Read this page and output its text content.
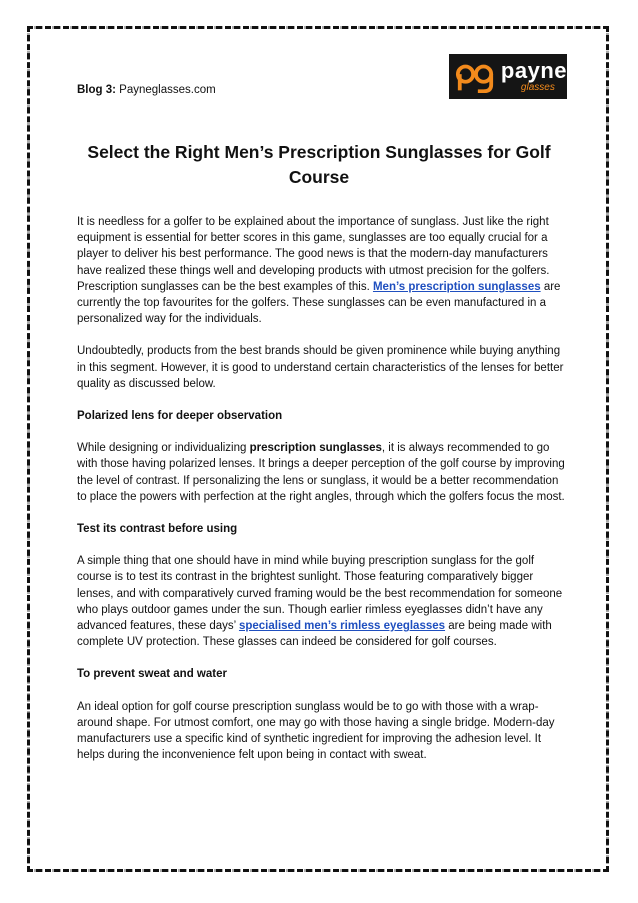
Blog 3: Payneglasses.com
payne
glasses
Select the Right Men’s Prescription Sunglasses for Golf Course

It is needless for a golfer to be explained about the importance of sunglass. Just like the right equipment is essential for better scores in this game, sunglasses are too equally crucial for a player to deliver his best performance. The good news is that the modern-day manufacturers have realized these things well and developing products with utmost precision for the golfers. Prescription sunglasses can be the best examples of this. Men’s prescription sunglasses are currently the top favourites for the golfers. These sunglasses can be even manufactured in a personalized way for the individuals.

Undoubtedly, products from the best brands should be given prominence while buying anything in this segment. However, it is good to understand certain characteristics of the lenses for better quality as discussed below.

Polarized lens for deeper observation

While designing or individualizing prescription sunglasses, it is always recommended to go with those having polarized lenses. It brings a deeper perception of the golf course by improving the level of contrast. If personalizing the lens or sunglass, it would be a better recommendation to place the powers with perfection at the right angles, through which the golfers focus the most.

Test its contrast before using

A simple thing that one should have in mind while buying prescription sunglass for the golf course is to test its contrast in the brightest sunlight. Those featuring comparatively bigger lenses, and with comparatively curved framing would be the best recommendation for someone who plays outdoor games under the sun. Though earlier rimless eyeglasses didn’t have any advanced features, these days’ specialised men’s rimless eyeglasses are being made with complete UV protection. These glasses can indeed be considered for golf courses.

To prevent sweat and water

An ideal option for golf course prescription sunglass would be to go with those with a wrap-around shape. For utmost comfort, one may go with those having a single bridge. Modern-day manufacturers use a specific kind of synthetic ingredient for improving the adhesion level. It helps during the inconvenience felt upon being in contact with sweat.
